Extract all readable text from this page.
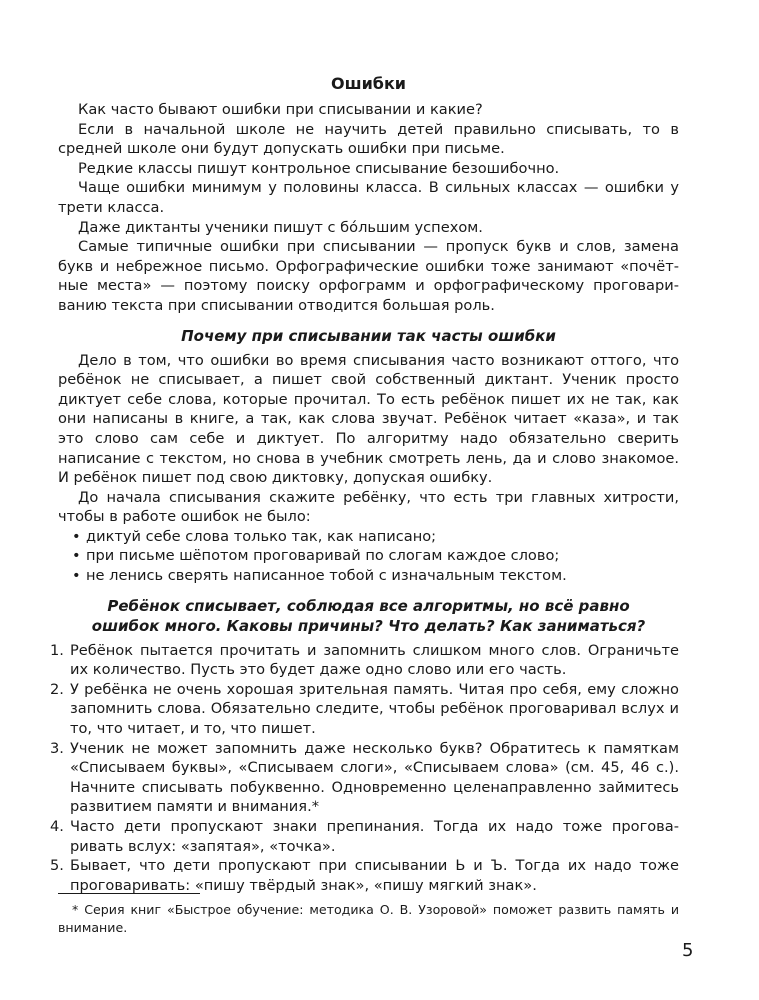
Ошибки

Как часто бывают ошибки при списывании и какие?

Если в начальной школе не научить детей правильно списывать, то в средней школе они будут допускать ошибки при письме.

Редкие классы пишут контрольное списывание безошибочно.

Чаще ошибки минимум у половины класса. В сильных классах — ошибки у трети класса.

Даже диктанты ученики пишут с бо́льшим успехом.

Самые типичные ошибки при списывании — пропуск букв и слов, замена букв и небрежное письмо. Орфографические ошибки тоже занимают «почётные места» — поэтому поиску орфограмм и орфографическому проговариванию текста при списывании отводится большая роль.

Почему при списывании так часты ошибки

Дело в том, что ошибки во время списывания часто возникают оттого, что ребёнок не списывает, а пишет свой собственный диктант. Ученик просто диктует себе слова, которые прочитал. То есть ребёнок пишет их не так, как они написаны в книге, а так, как слова звучат. Ребёнок читает «каза», и так это слово сам себе и диктует. По алгоритму надо обязательно сверить написание с текстом, но снова в учебник смотреть лень, да и слово знакомое. И ребёнок пишет под свою диктовку, допуская ошибку.

До начала списывания скажите ребёнку, что есть три главных хитрости, чтобы в работе ошибок не было:

• диктуй себе слова только так, как написано;
• при письме шёпотом проговаривай по слогам каждое слово;
• не ленись сверять написанное тобой с изначальным текстом.
Ребёнок списывает, соблюдая все алгоритмы, но всё равно
ошибок много. Каковы причины? Что делать? Как заниматься?
1. Ребёнок пытается прочитать и запомнить слишком много слов. Ограничьте их количество. Пусть это будет даже одно слово или его часть.
2. У ребёнка не очень хорошая зрительная память. Читая про себя, ему сложно запомнить слова. Обязательно следите, чтобы ребёнок проговаривал вслух и то, что читает, и то, что пишет.
3. Ученик не может запомнить даже несколько букв? Обратитесь к памяткам «Списываем буквы», «Списываем слоги», «Списываем слова» (см. 45, 46 с.). Начните списывать побуквенно. Одновременно целенаправленно займитесь развитием памяти и внимания.*
4. Часто дети пропускают знаки препинания. Тогда их надо тоже проговаривать вслух: «запятая», «точка».
5. Бывает, что дети пропускают при списывании Ь и Ъ. Тогда их надо тоже проговаривать: «пишу твёрдый знак», «пишу мягкий знак».
* Серия книг «Быстрое обучение: методика О. В. Узоровой» поможет развить память и внимание.
5
